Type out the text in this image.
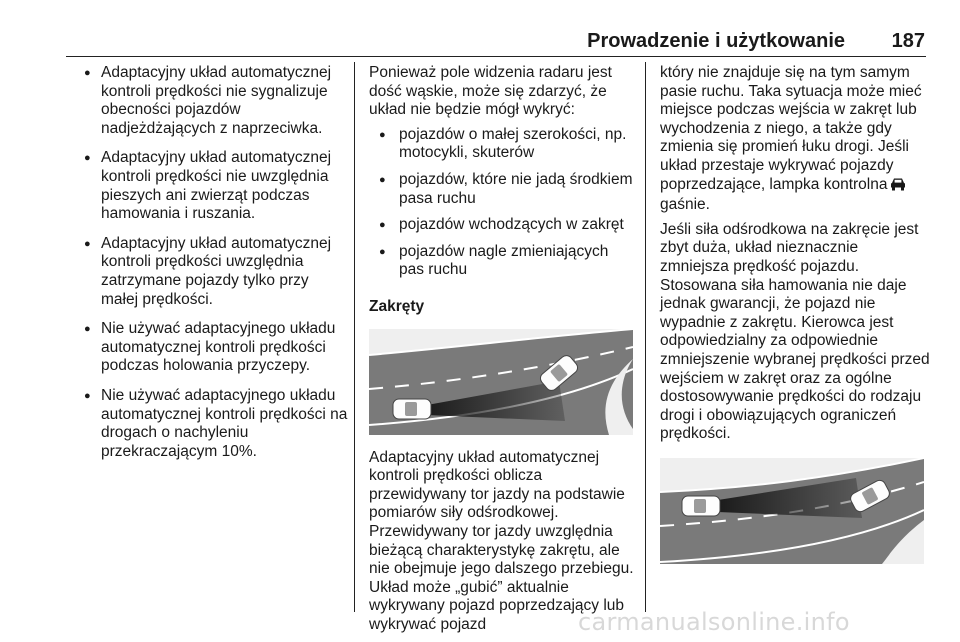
Prowadzenie i użytkowanie	187
● Adaptacyjny układ automatycznej kontroli prędkości nie sygnalizuje obecności pojazdów nadjeżdżających z naprzeciwka.
● Adaptacyjny układ automatycznej kontroli prędkości nie uwzględnia pieszych ani zwierząt podczas hamowania i ruszania.
● Adaptacyjny układ automatycznej kontroli prędkości uwzględnia zatrzymane pojazdy tylko przy małej prędkości.
● Nie używać adaptacyjnego układu automatycznej kontroli prędkości podczas holowania przyczepy.
● Nie używać adaptacyjnego układu automatycznej kontroli prędkości na drogach o nachyleniu przekraczającym 10%.

Ponieważ pole widzenia radaru jest dość wąskie, może się zdarzyć, że układ nie będzie mógł wykryć:

● pojazdów o małej szerokości, np. motocykli, skuterów
● pojazdów, które nie jadą środkiem pasa ruchu
● pojazdów wchodzących w zakręt
● pojazdów nagle zmieniających pas ruchu
Zakręty

Adaptacyjny układ automatycznej kontroli prędkości oblicza przewidywany tor jazdy na podstawie pomiarów siły odśrodkowej. Przewidywany tor jazdy uwzględnia bieżącą charakterystykę zakrętu, ale nie obejmuje jego dalszego przebiegu. Układ może „gubić” aktualnie wykrywany pojazd poprzedzający lub wykrywać pojazd

który nie znajduje się na tym samym pasie ruchu. Taka sytuacja może mieć miejsce podczas wejścia w zakręt lub wychodzenia z niego, a także gdy zmienia się promień łuku drogi. Jeśli układ przestaje wykrywać pojazdy poprzedzające, lampka kontrolna gaśnie.

Jeśli siła odśrodkowa na zakręcie jest zbyt duża, układ nieznacznie zmniejsza prędkość pojazdu. Stosowana siła hamowania nie daje jednak gwarancji, że pojazd nie wypadnie z zakrętu. Kierowca jest odpowiedzialny za odpowiednie zmniejszenie wybranej prędkości przed wejściem w zakręt oraz za ogólne dostosowywanie prędkości do rodzaju drogi i obowiązujących ograniczeń prędkości.

carmanualsonline.info
